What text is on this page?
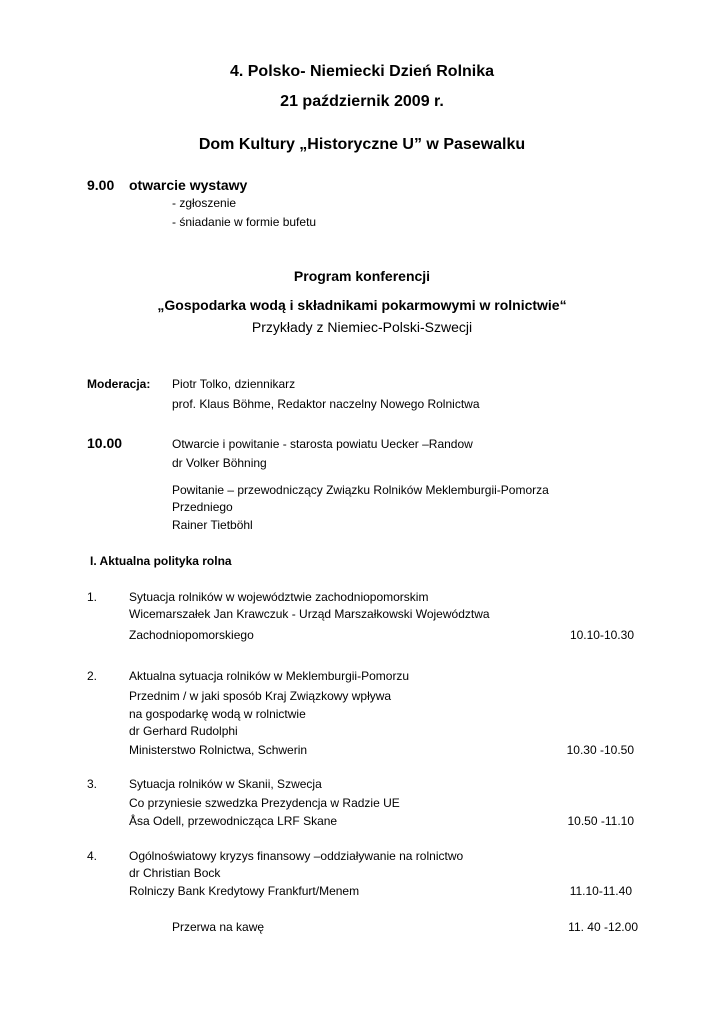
4. Polsko- Niemiecki Dzień Rolnika
21 październik 2009 r.
Dom Kultury „Historyczne U” w Pasewalku
9.00 otwarcie wystawy
- zgłoszenie
- śniadanie w formie bufetu
Program konferencji
„Gospodarka wodą i składnikami pokarmowymi w rolnictwie“
Przykłady z Niemiec-Polski-Szwecji
Moderacja: Piotr Tolko, dziennikarz
prof. Klaus Böhme, Redaktor naczelny Nowego Rolnictwa
10.00	Otwarcie i powitanie - starosta powiatu Uecker –Randow
dr Volker Böhning
Powitanie – przewodniczący Związku Rolników Meklemburgii-Pomorza
Przedniego
Rainer Tietböhl
I. Aktualna polityka rolna
1.	Sytuacja rolników w województwie zachodniopomorskim
Wicemarszałek Jan Krawczuk - Urząd Marszałkowski Województwa
Zachodniopomorskiego	10.10-10.30
2.	Aktualna sytuacja rolników w Meklemburgii-Pomorzu
Przednim / w jaki sposób Kraj Związkowy wpływa
na gospodarkę wodą w rolnictwie
dr Gerhard Rudolphi
Ministerstwo Rolnictwa, Schwerin	10.30 -10.50
3.	Sytuacja rolników w Skanii, Szwecja
Co przyniesie szwedzka Prezydencja w Radzie UE
Åsa Odell, przewodnicząca LRF Skane	10.50 -11.10
4.	Ogólnoświatowy kryzys finansowy –oddziaływanie na rolnictwo
dr Christian Bock
Rolniczy Bank Kredytowy Frankfurt/Menem	11.10-11.40
Przerwa na kawę	11. 40 -12.00
